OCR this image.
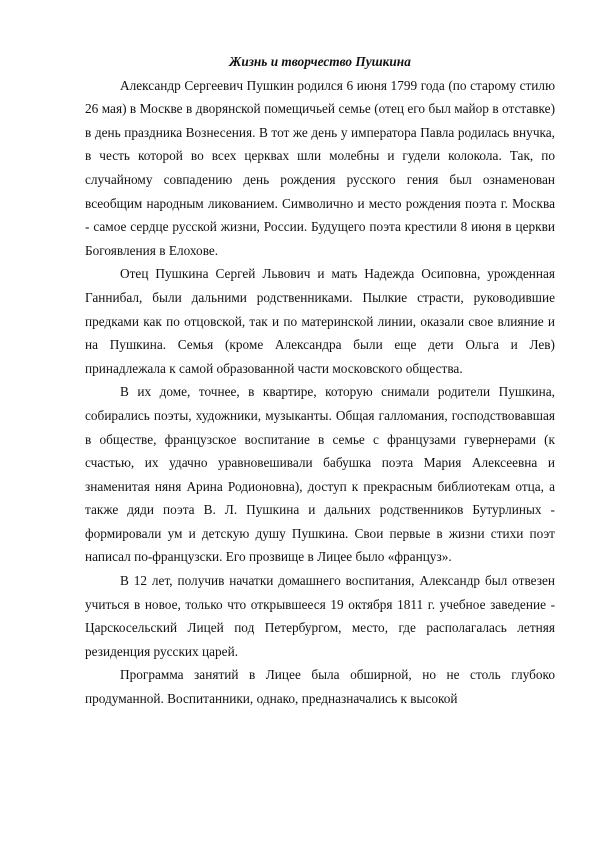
Жизнь и творчество Пушкина

Александр Сергеевич Пушкин родился 6 июня 1799 года (по старому стилю 26 мая) в Москве в дворянской помещичьей семье (отец его был майор в отставке) в день праздника Вознесения. В тот же день у императора Павла родилась внучка, в честь которой во всех церквах шли молебны и гудели колокола. Так, по случайному совпадению день рождения русского гения был ознаменован всеобщим народным ликованием. Символично и место рождения поэта г. Москва - самое сердце русской жизни, России. Будущего поэта крестили 8 июня в церкви Богоявления в Елохове.

Отец Пушкина Сергей Львович и мать Надежда Осиповна, урожденная Ганнибал, были дальними родственниками. Пылкие страсти, руководившие предками как по отцовской, так и по материнской линии, оказали свое влияние и на Пушкина. Семья (кроме Александра были еще дети Ольга и Лев) принадлежала к самой образованной части московского общества.

В их доме, точнее, в квартире, которую снимали родители Пушкина, собирались поэты, художники, музыканты. Общая галломания, господствовавшая в обществе, французское воспитание в семье с французами гувернерами (к счастью, их удачно уравновешивали бабушка поэта Мария Алексеевна и знаменитая няня Арина Родионовна), доступ к прекрасным библиотекам отца, а также дяди поэта В. Л. Пушкина и дальних родственников Бутурлиных - формировали ум и детскую душу Пушкина. Свои первые в жизни стихи поэт написал по-французски. Его прозвище в Лицее было «француз».

В 12 лет, получив начатки домашнего воспитания, Александр был отвезен учиться в новое, только что открывшееся 19 октября 1811 г. учебное заведение - Царскосельский Лицей под Петербургом, место, где располагалась летняя резиденция русских царей.

Программа занятий в Лицее была обширной, но не столь глубоко продуманной. Воспитанники, однако, предназначались к высокой
